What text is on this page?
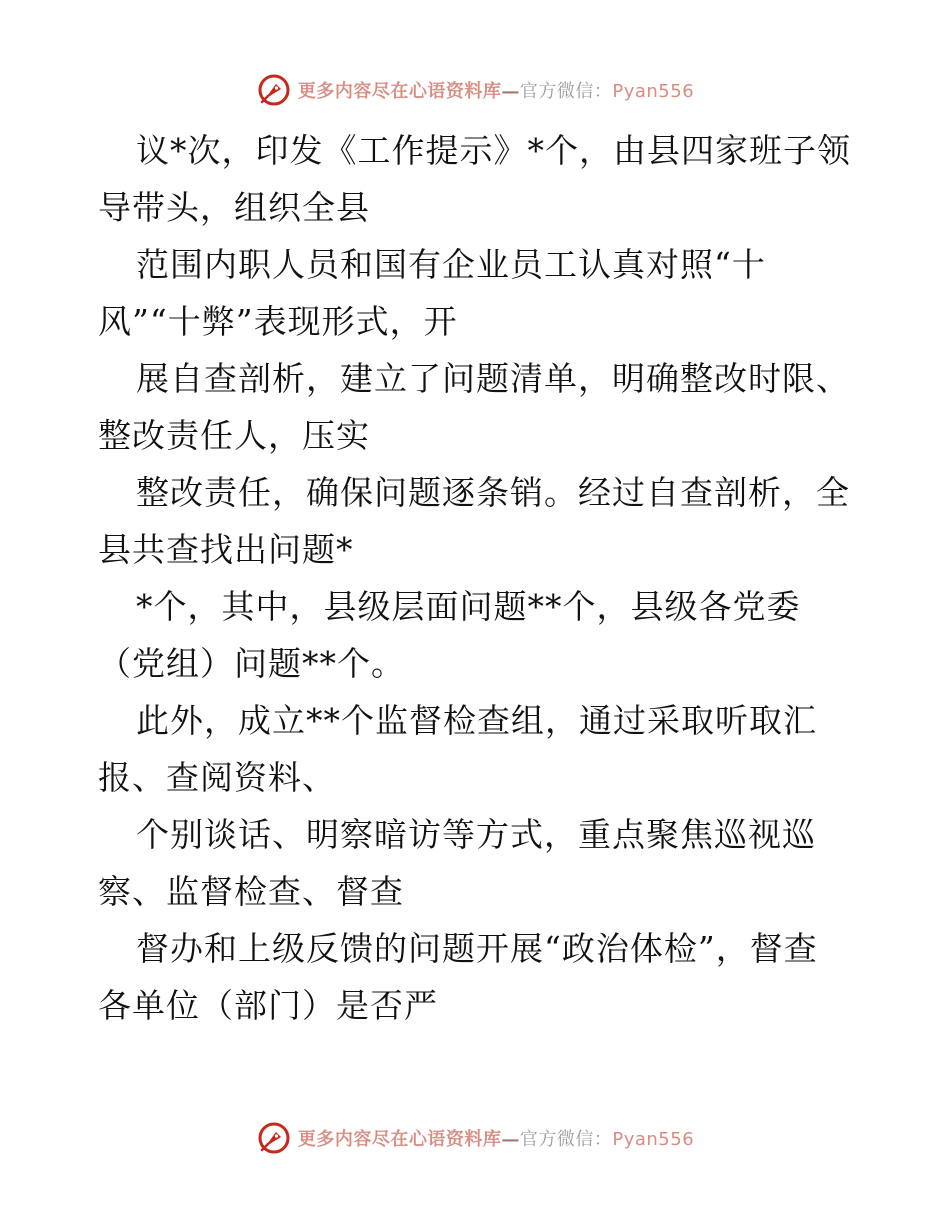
更多内容尽在心语资料库—官方微信：Pyan556
议*次，印发《工作提示》*个，由县四家班子领
导带头，组织全县
范围内职人员和国有企业员工认真对照“十
风”“十弊”表现形式，开
展自查剖析，建立了问题清单，明确整改时限、
整改责任人，压实
整改责任，确保问题逐条销。经过自查剖析，全
县共查找出问题*
*个，其中，县级层面问题**个，县级各党委
（党组）问题**个。
此外，成立**个监督检查组，通过采取听取汇
报、查阅资料、
个别谈话、明察暗访等方式，重点聚焦巡视巡
察、监督检查、督查
督办和上级反馈的问题开展“政治体检”，督查
各单位（部门）是否严
更多内容尽在心语资料库—官方微信：Pyan556
